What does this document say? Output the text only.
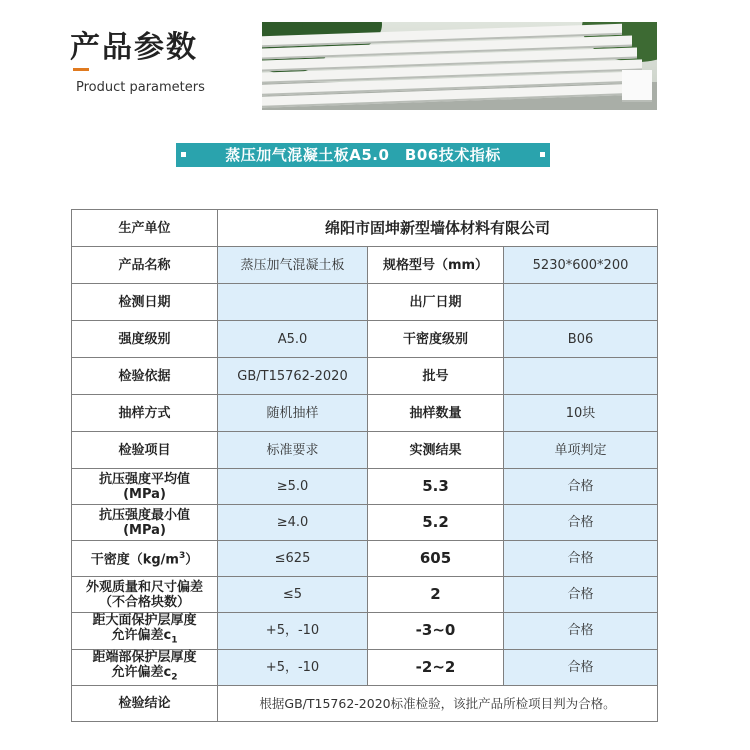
产品参数
Product parameters
蒸压加气混凝土板A5.0　B06技术指标
生产单位	绵阳市固坤新型墙体材料有限公司		
产品名称	蒸压加气混凝土板	规格型号（mm）	5230*600*200
检测日期		出厂日期	
强度级别	A5.0	干密度级别	B06
检验依据	GB/T15762-2020	批号	
抽样方式	随机抽样	抽样数量	10块
检验项目	标准要求	实测结果	单项判定
抗压强度平均值
(MPa)	≥5.0	5.3	合格
抗压强度最小值
(MPa)	≥4.0	5.2	合格
干密度$(kg/m^3)$	≤625	605	合格
外观质量和尺寸偏差
（不合格块数）	≤5	2	合格
距大面保护层厚度
允许偏差$c_1$	+5，-10	-3~0	合格
距端部保护层厚度
允许偏差$c_2$	+5，-10	-2~2	合格
检验结论	根据GB/T15762-2020标准检验，该批产品所检项目判为合格。		
